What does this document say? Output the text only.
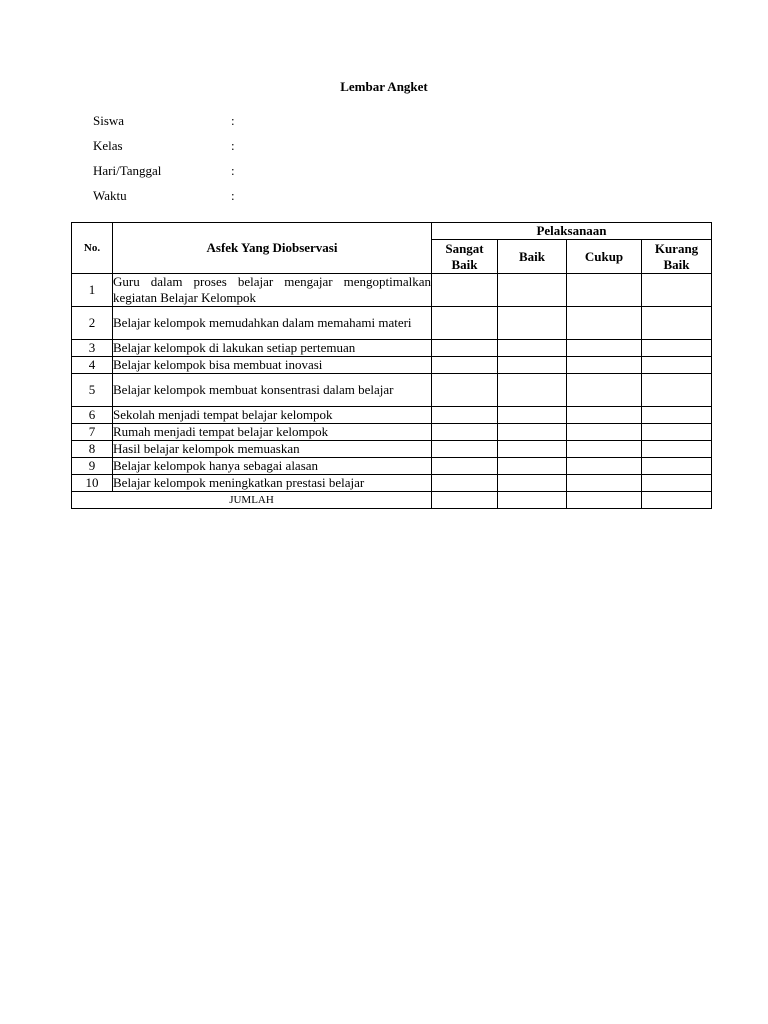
Lembar Angket
Siswa	:
Kelas	:
Hari/Tanggal	:
Waktu	:
No.	Asfek Yang Diobservasi	Pelaksanaan			
		Sangat Baik	Baik	Cukup	Kurang Baik
1	Guru dalam proses belajar mengajar mengoptimalkan kegiatan Belajar Kelompok				
2	Belajar kelompok memudahkan dalam memahami materi				
3	Belajar kelompok di lakukan setiap pertemuan				
4	Belajar kelompok bisa membuat inovasi				
5	Belajar kelompok membuat konsentrasi dalam belajar				
6	Sekolah menjadi tempat belajar kelompok				
7	Rumah menjadi tempat belajar kelompok				
8	Hasil belajar kelompok memuaskan				
9	Belajar kelompok hanya sebagai alasan				
10	Belajar kelompok meningkatkan prestasi belajar				
JUMLAH					
